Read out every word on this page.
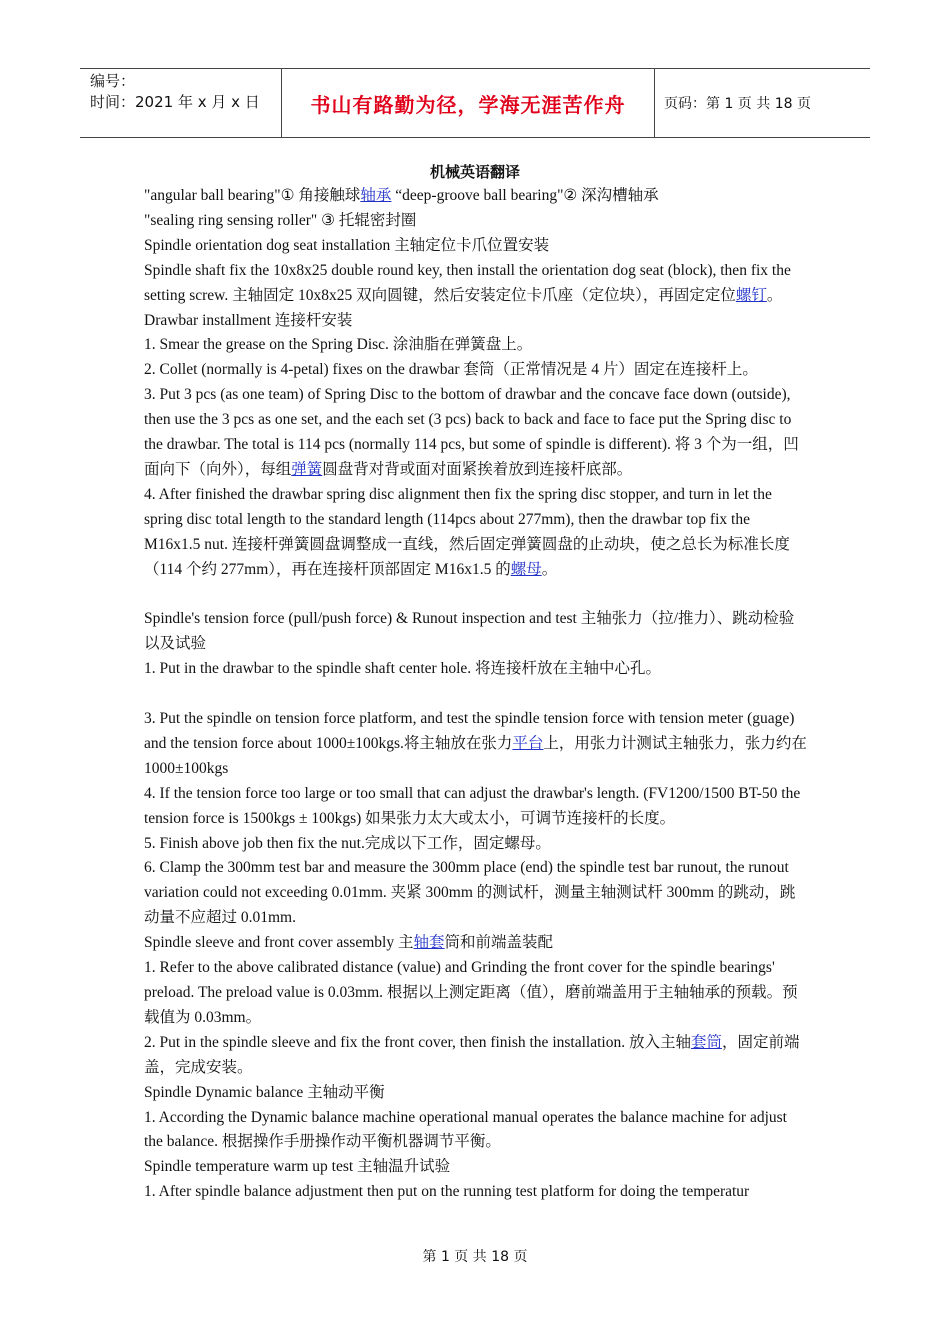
编号：
时间：2021 年 x 月 x 日	书山有路勤为径，学海无涯苦作舟	页码：第 1 页 共 18 页
机械英语翻译

"angular ball bearing"① 角接触球轴承 “deep-groove ball bearing"② 深沟槽轴承

"sealing ring sensing roller" ③ 托辊密封圈

Spindle orientation dog seat installation 主轴定位卡爪位置安装

Spindle shaft fix the 10x8x25 double round key, then install the orientation dog seat (block), then fix the setting screw. 主轴固定 10x8x25 双向圆键，然后安装定位卡爪座（定位块），再固定定位螺钉。

Drawbar installment 连接杆安装

1. Smear the grease on the Spring Disc. 涂油脂在弹簧盘上。

2. Collet (normally is 4-petal) fixes on the drawbar 套筒（正常情况是 4 片）固定在连接杆上。

3. Put 3 pcs (as one team) of Spring Disc to the bottom of drawbar and the concave face down (outside), then use the 3 pcs as one set, and the each set (3 pcs) back to back and face to face put the Spring disc to the drawbar. The total is 114 pcs (normally 114 pcs, but some of spindle is different). 将 3 个为一组，凹面向下（向外），每组弹簧圆盘背对背或面对面紧挨着放到连接杆底部。

4. After finished the drawbar spring disc alignment then fix the spring disc stopper, and turn in let the spring disc total length to the standard length (114pcs about 277mm), then the drawbar top fix the M16x1.5 nut. 连接杆弹簧圆盘调整成一直线，然后固定弹簧圆盘的止动块，使之总长为标准长度（114 个约 277mm），再在连接杆顶部固定 M16x1.5 的螺母。

Spindle's tension force (pull/push force) & Runout inspection and test 主轴张力（拉/推力）、跳动检验以及试验

1. Put in the drawbar to the spindle shaft center hole. 将连接杆放在主轴中心孔。

3. Put the spindle on tension force platform, and test the spindle tension force with tension meter (guage) and the tension force about 1000±100kgs.将主轴放在张力平台上，用张力计测试主轴张力，张力约在 1000±100kgs

4. If the tension force too large or too small that can adjust the drawbar's length. (FV1200/1500 BT-50 the tension force is 1500kgs ± 100kgs) 如果张力太大或太小，可调节连接杆的长度。

5. Finish above job then fix the nut.完成以下工作，固定螺母。

6. Clamp the 300mm test bar and measure the 300mm place (end) the spindle test bar runout, the runout variation could not exceeding 0.01mm. 夹紧 300mm 的测试杆，测量主轴测试杆 300mm 的跳动，跳动量不应超过 0.01mm.

Spindle sleeve and front cover assembly 主轴套筒和前端盖装配

1. Refer to the above calibrated distance (value) and Grinding the front cover for the spindle bearings' preload. The preload value is 0.03mm. 根据以上测定距离（值），磨前端盖用于主轴轴承的预载。预载值为 0.03mm。

2. Put in the spindle sleeve and fix the front cover, then finish the installation. 放入主轴套筒，固定前端盖，完成安装。

Spindle Dynamic balance 主轴动平衡

1. According the Dynamic balance machine operational manual operates the balance machine for adjust the balance. 根据操作手册操作动平衡机器调节平衡。

Spindle temperature warm up test 主轴温升试验

1. After spindle balance adjustment then put on the running test platform for doing the temperatur

第 1 页 共 18 页
